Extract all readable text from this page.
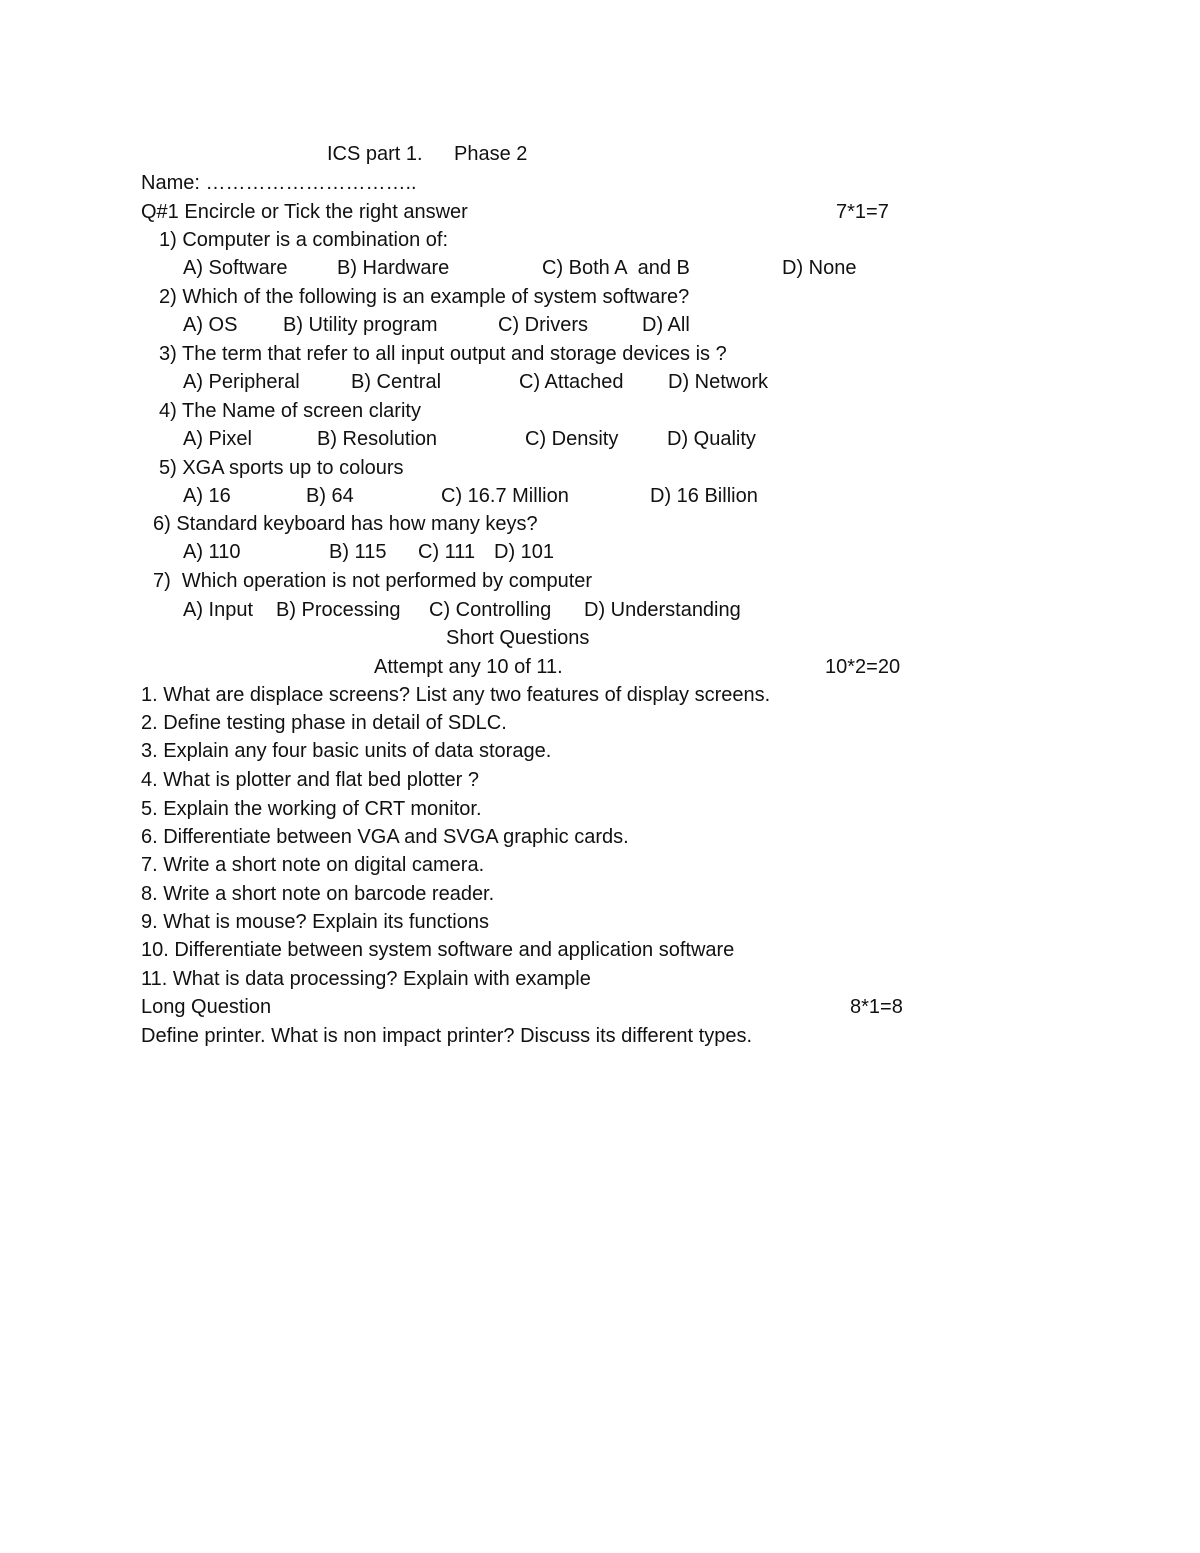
ICS part 1. Phase 2
Name: …………………………..
Q#1 Encircle or Tick the right answer	7*1=7
1) Computer is a combination of:
A) Software B) Hardware	C) Both A  and B	D) None
2) Which of the following is an example of system software?
A) OS B) Utility program	C) Drivers	D) All
3) The term that refer to all input output and storage devices is ?
A) Peripheral	B) Central	C) Attached D) Network
4) The Name of screen clarity
A) Pixel	B) Resolution	C) Density D) Quality
5) XGA sports up to colours
A) 16	B) 64	C) 16.7 Million	D) 16 Billion
6) Standard keyboard has how many keys?
A) 110	B) 115 C) 111 D) 101
7)  Which operation is not performed by computer
A) Input B) Processing C) Controlling D) Understanding
Short Questions
Attempt any 10 of 11.	10*2=20
1. What are displace screens? List any two features of display screens.
2. Define testing phase in detail of SDLC.
3. Explain any four basic units of data storage.
4. What is plotter and flat bed plotter ?
5. Explain the working of CRT monitor.
6. Differentiate between VGA and SVGA graphic cards.
7. Write a short note on digital camera.
8. Write a short note on barcode reader.
9. What is mouse? Explain its functions
10. Differentiate between system software and application software
11. What is data processing? Explain with example
Long Question	8*1=8
Define printer. What is non impact printer? Discuss its different types.
